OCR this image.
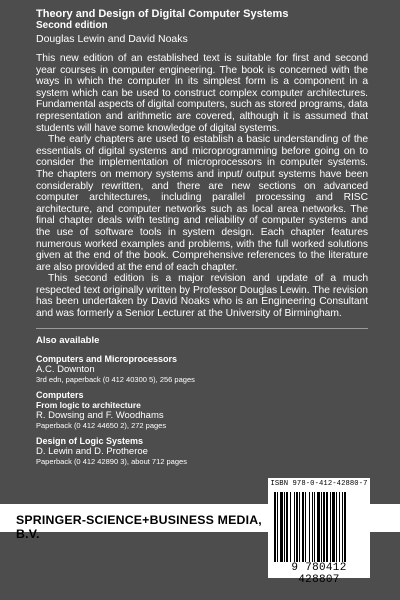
Theory and Design of Digital Computer Systems
Second edition
Douglas Lewin and David Noaks

This new edition of an established text is suitable for first and second year courses in computer engineering. The book is concerned with the ways in which the computer in its simplest form is a component in a system which can be used to construct complex computer architectures. Fundamental aspects of digital computers, such as stored programs, data representation and arithmetic are covered, although it is assumed that students will have some knowledge of digital systems.

The early chapters are used to establish a basic understanding of the essentials of digital systems and microprogramming before going on to consider the implementation of microprocessors in computer systems. The chapters on memory systems and input/ output systems have been considerably rewritten, and there are new sections on advanced computer architectures, including parallel processing and RISC architecture, and computer networks such as local area networks. The final chapter deals with testing and reliability of computer systems and the use of software tools in system design. Each chapter features numerous worked examples and problems, with the full worked solutions given at the end of the book. Comprehensive references to the literature are also provided at the end of each chapter.

This second edition is a major revision and update of a much respected text originally written by Professor Douglas Lewin. The revision has been undertaken by David Noaks who is an Engineering Consultant and was formerly a Senior Lecturer at the University of Birmingham.

Also available
Computers and Microprocessors
A.C. Downton
3rd edn, paperback (0 412 40300 5), 256 pages
Computers
From logic to architecture
R. Dowsing and F. Woodhams
Paperback (0 412 44650 2), 272 pages
Design of Logic Systems
D. Lewin and D. Protheroe
Paperback (0 412 42890 3), about 712 pages
SPRINGER-SCIENCE+BUSINESS MEDIA, B.V.
ISBN 978-0-412-42880-7
9 780412 428807
